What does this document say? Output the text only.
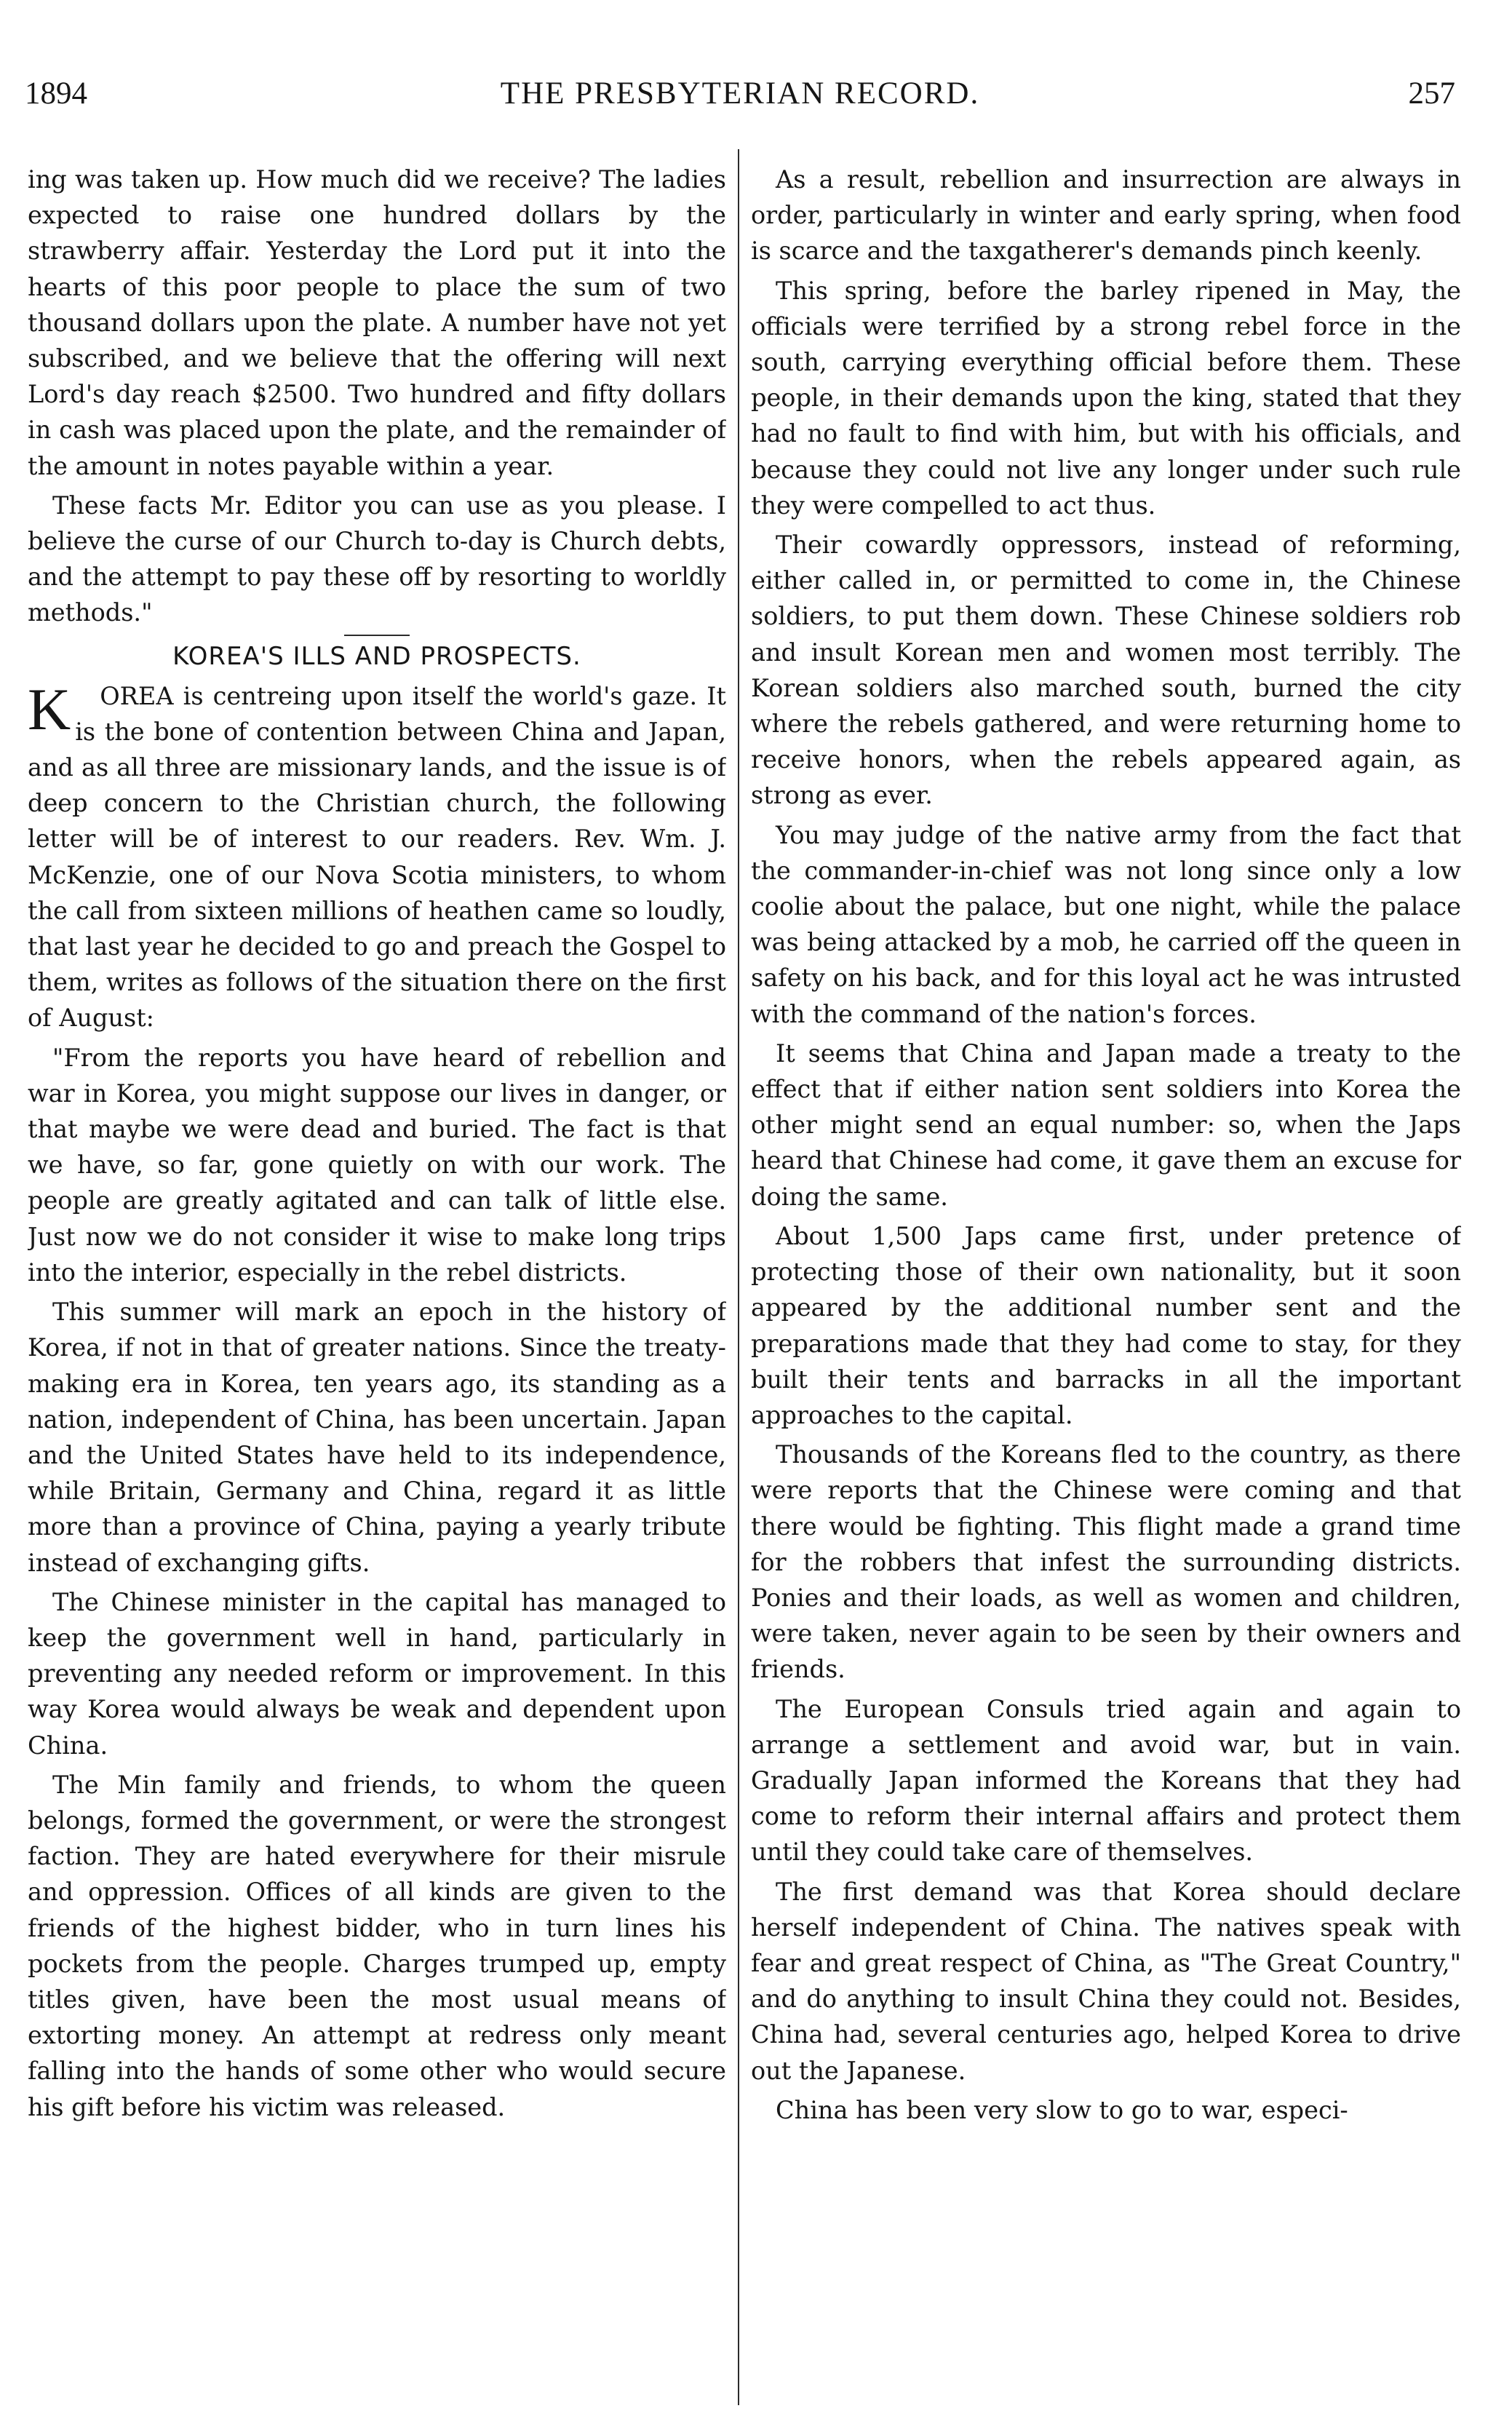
THE PRESBYTERIAN RECORD.
1894	257

ing was taken up. How much did we receive? The ladies expected to raise one hundred dollars by the strawberry affair. Yesterday the Lord put it into the hearts of this poor people to place the sum of two thousand dollars upon the plate. A number have not yet subscribed, and we believe that the offering will next Lord's day reach $2500. Two hundred and fifty dollars in cash was placed upon the plate, and the remainder of the amount in notes payable within a year.

These facts Mr. Editor you can use as you please. I believe the curse of our Church to-day is Church debts, and the attempt to pay these off by resorting to worldly methods."

KOREA'S ILLS AND PROSPECTS.

K OREA is centreing upon itself the world's gaze. It is the bone of contention between China and Japan, and as all three are missionary lands, and the issue is of deep concern to the Christian church, the following letter will be of interest to our readers. Rev. Wm. J. McKenzie, one of our Nova Scotia ministers, to whom the call from sixteen millions of heathen came so loudly, that last year he decided to go and preach the Gospel to them, writes as follows of the situation there on the first of August:

"From the reports you have heard of rebellion and war in Korea, you might suppose our lives in danger, or that maybe we were dead and buried. The fact is that we have, so far, gone quietly on with our work. The people are greatly agitated and can talk of little else. Just now we do not consider it wise to make long trips into the interior, especially in the rebel districts.

This summer will mark an epoch in the history of Korea, if not in that of greater nations. Since the treaty-making era in Korea, ten years ago, its standing as a nation, independent of China, has been uncertain. Japan and the United States have held to its independence, while Britain, Germany and China, regard it as little more than a province of China, paying a yearly tribute instead of exchanging gifts.

The Chinese minister in the capital has managed to keep the government well in hand, particularly in preventing any needed reform or improvement. In this way Korea would always be weak and dependent upon China.

The Min family and friends, to whom the queen belongs, formed the government, or were the strongest faction. They are hated everywhere for their misrule and oppression. Offices of all kinds are given to the friends of the highest bidder, who in turn lines his pockets from the people. Charges trumped up, empty titles given, have been the most usual means of extorting money. An attempt at redress only meant falling into the hands of some other who would secure his gift before his victim was released.

As a result, rebellion and insurrection are always in order, particularly in winter and early spring, when food is scarce and the taxgatherer's demands pinch keenly.

This spring, before the barley ripened in May, the officials were terrified by a strong rebel force in the south, carrying everything official before them. These people, in their demands upon the king, stated that they had no fault to find with him, but with his officials, and because they could not live any longer under such rule they were compelled to act thus.

Their cowardly oppressors, instead of reforming, either called in, or permitted to come in, the Chinese soldiers, to put them down. These Chinese soldiers rob and insult Korean men and women most terribly. The Korean soldiers also marched south, burned the city where the rebels gathered, and were returning home to receive honors, when the rebels appeared again, as strong as ever.

You may judge of the native army from the fact that the commander-in-chief was not long since only a low coolie about the palace, but one night, while the palace was being attacked by a mob, he carried off the queen in safety on his back, and for this loyal act he was intrusted with the command of the nation's forces.

It seems that China and Japan made a treaty to the effect that if either nation sent soldiers into Korea the other might send an equal number: so, when the Japs heard that Chinese had come, it gave them an excuse for doing the same.

About 1,500 Japs came first, under pretence of protecting those of their own nationality, but it soon appeared by the additional number sent and the preparations made that they had come to stay, for they built their tents and barracks in all the important approaches to the capital.

Thousands of the Koreans fled to the country, as there were reports that the Chinese were coming and that there would be fighting. This flight made a grand time for the robbers that infest the surrounding districts. Ponies and their loads, as well as women and children, were taken, never again to be seen by their owners and friends.

The European Consuls tried again and again to arrange a settlement and avoid war, but in vain. Gradually Japan informed the Koreans that they had come to reform their internal affairs and protect them until they could take care of themselves.

The first demand was that Korea should declare herself independent of China. The natives speak with fear and great respect of China, as "The Great Country," and do anything to insult China they could not. Besides, China had, several centuries ago, helped Korea to drive out the Japanese.

China has been very slow to go to war, especi-
